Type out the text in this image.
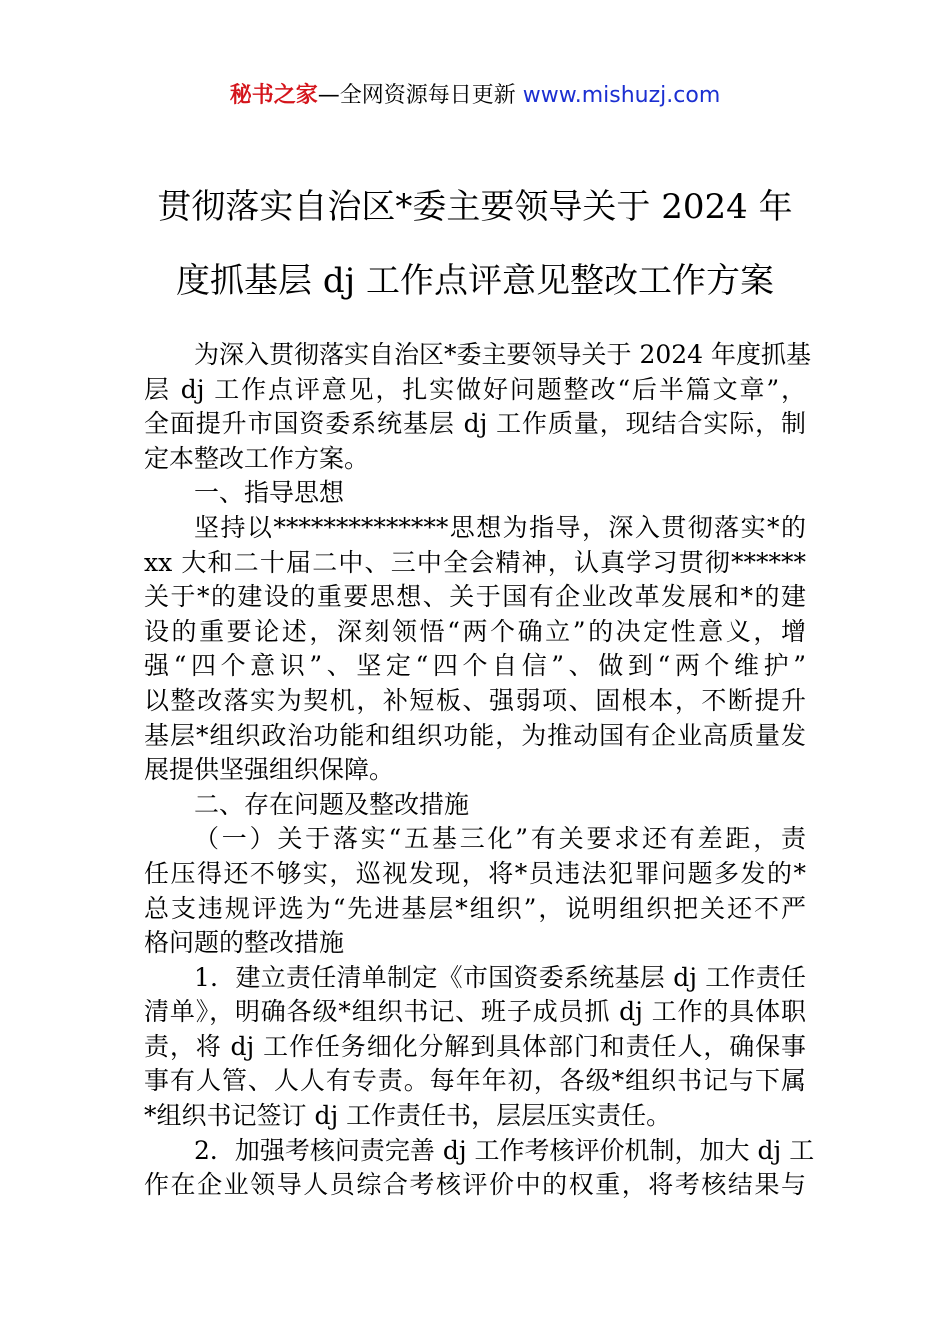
秘书之家—全网资源每日更新 www.mishuzj.com
贯彻落实自治区*委主要领导关于 2024 年
度抓基层 dj 工作点评意见整改工作方案
为深入贯彻落实自治区*委主要领导关于 2024 年度抓基
层 dj 工作点评意见，扎实做好问题整改“后半篇文章”，
全面提升市国资委系统基层 dj 工作质量，现结合实际，制
定本整改工作方案。
一、指导思想
坚持以**************思想为指导，深入贯彻落实*的
xx 大和二十届二中、三中全会精神，认真学习贯彻******
关于*的建设的重要思想、关于国有企业改革发展和*的建
设的重要论述，深刻领悟“两个确立”的决定性意义，增
强“四个意识”、坚定“四个自信”、做到“两个维护”
以整改落实为契机，补短板、强弱项、固根本，不断提升
基层*组织政治功能和组织功能，为推动国有企业高质量发
展提供坚强组织保障。
二、存在问题及整改措施
（一）关于落实“五基三化”有关要求还有差距，责
任压得还不够实，巡视发现，将*员违法犯罪问题多发的*
总支违规评选为“先进基层*组织”，说明组织把关还不严
格问题的整改措施
1．建立责任清单制定《市国资委系统基层 dj 工作责任
清单》，明确各级*组织书记、班子成员抓 dj 工作的具体职
责，将 dj 工作任务细化分解到具体部门和责任人，确保事
事有人管、人人有专责。每年年初，各级*组织书记与下属
*组织书记签订 dj 工作责任书，层层压实责任。
2．加强考核问责完善 dj 工作考核评价机制，加大 dj 工
作在企业领导人员综合考核评价中的权重，将考核结果与
